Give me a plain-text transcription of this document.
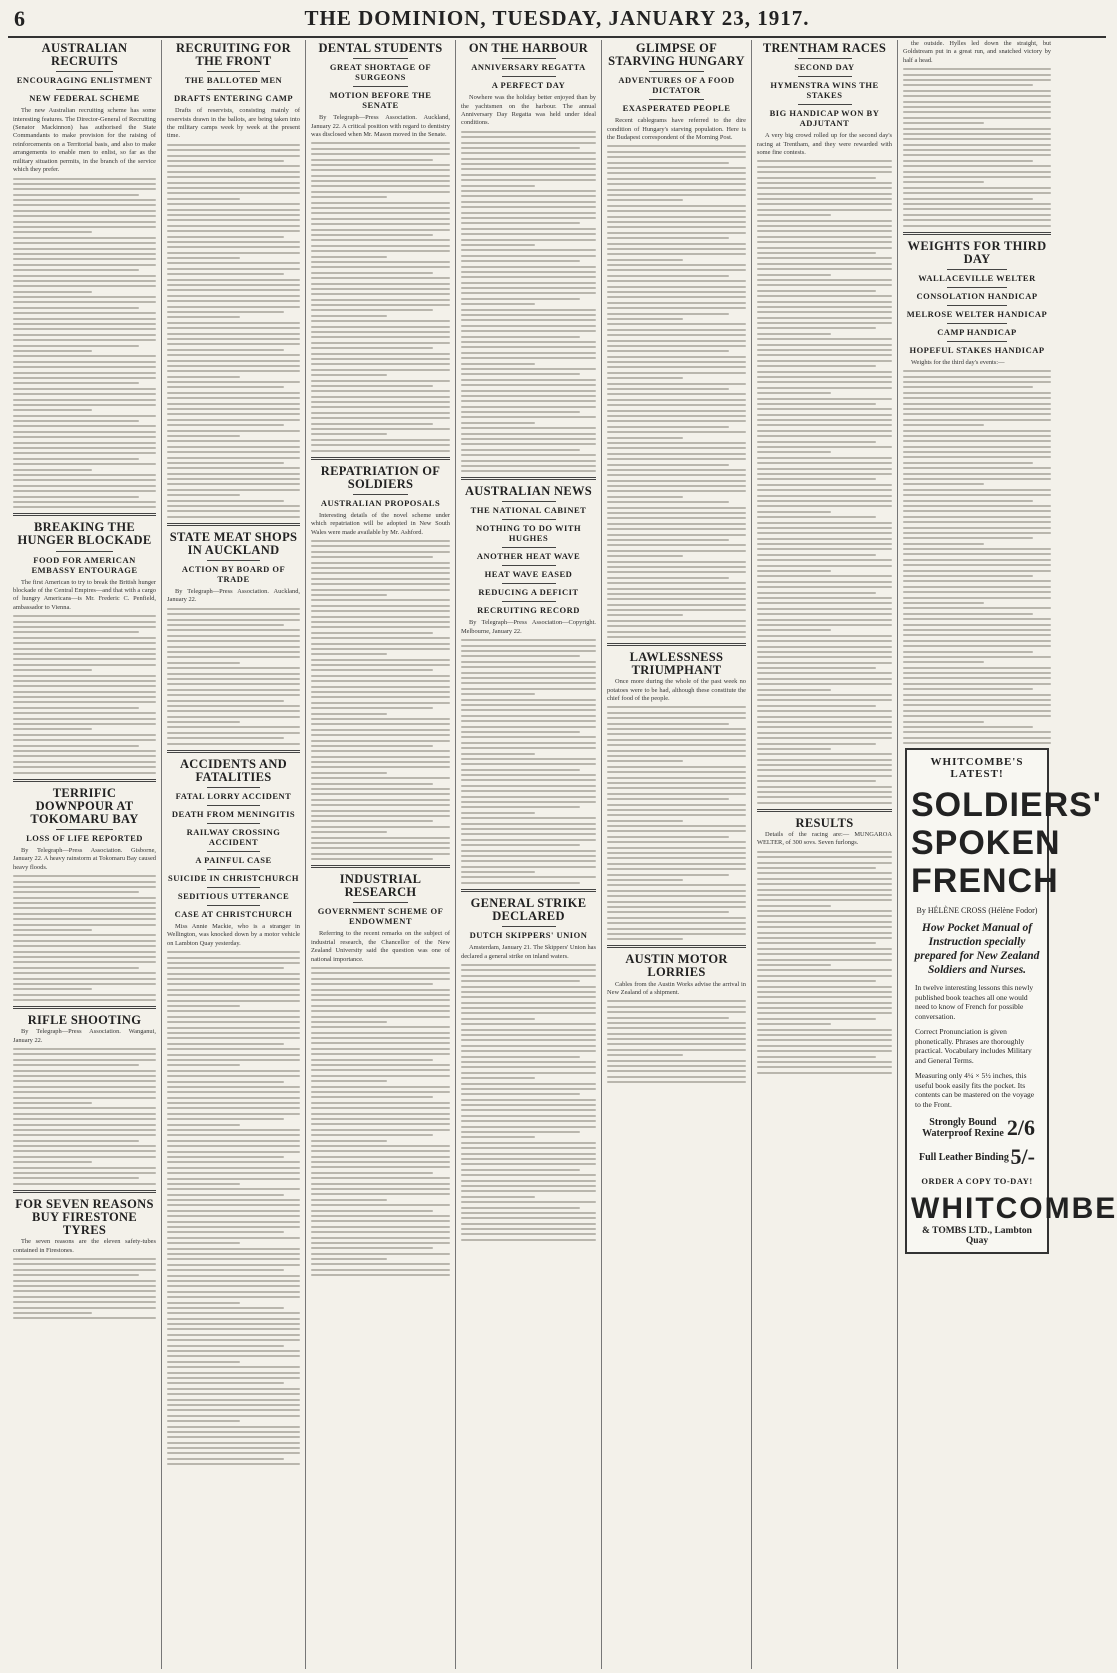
6	THE DOMINION, TUESDAY, JANUARY 23, 1917.
AUSTRALIAN RECRUITS
ENCOURAGING ENLISTMENT
NEW FEDERAL SCHEME

The new Australian recruiting scheme has some interesting features. The Director-General of Recruiting (Senator Mackinnon) has authorised the State Commandants to make provision for the raising of reinforcements on a Territorial basis, and also to make arrangements to enable men to enlist, so far as the military situation permits, in the branch of the service which they prefer.

BREAKING THE HUNGER BLOCKADE
FOOD FOR AMERICAN EMBASSY ENTOURAGE

The first American to try to break the British hunger blockade of the Central Empires—and that with a cargo of hungry Americans—is Mr. Frederic C. Penfield, ambassador to Vienna.

TERRIFIC DOWNPOUR AT TOKOMARU BAY
LOSS OF LIFE REPORTED

By Telegraph—Press Association. Gisborne, January 22. A heavy rainstorm at Tokomaru Bay caused heavy floods.

RIFLE SHOOTING

By Telegraph—Press Association. Wanganui, January 22.

FOR SEVEN REASONS BUY FIRESTONE TYRES

The seven reasons are the eleven safety-tubes contained in Firestones.

RECRUITING FOR THE FRONT
THE BALLOTED MEN
DRAFTS ENTERING CAMP

Drafts of reservists, consisting mainly of reservists drawn in the ballots, are being taken into the military camps week by week at the present time.

STATE MEAT SHOPS IN AUCKLAND
ACTION BY BOARD OF TRADE

By Telegraph—Press Association. Auckland, January 22.

ACCIDENTS AND FATALITIES
FATAL LORRY ACCIDENT
DEATH FROM MENINGITIS
RAILWAY CROSSING ACCIDENT
A PAINFUL CASE
SUICIDE IN CHRISTCHURCH
SEDITIOUS UTTERANCE
CASE AT CHRISTCHURCH

Miss Annie Mackie, who is a stranger in Wellington, was knocked down by a motor vehicle on Lambton Quay yesterday.

DENTAL STUDENTS
GREAT SHORTAGE OF SURGEONS
MOTION BEFORE THE SENATE

By Telegraph—Press Association. Auckland, January 22. A critical position with regard to dentistry was disclosed when Mr. Mason moved in the Senate.

REPATRIATION OF SOLDIERS
AUSTRALIAN PROPOSALS

Interesting details of the novel scheme under which repatriation will be adopted in New South Wales were made available by Mr. Ashford.

INDUSTRIAL RESEARCH
GOVERNMENT SCHEME OF ENDOWMENT

Referring to the recent remarks on the subject of industrial research, the Chancellor of the New Zealand University said the question was one of national importance.

ON THE HARBOUR
ANNIVERSARY REGATTA
A PERFECT DAY

Nowhere was the holiday better enjoyed than by the yachtsmen on the harbour. The annual Anniversary Day Regatta was held under ideal conditions.

AUSTRALIAN NEWS
THE NATIONAL CABINET
NOTHING TO DO WITH HUGHES
ANOTHER HEAT WAVE
HEAT WAVE EASED
REDUCING A DEFICIT
RECRUITING RECORD

By Telegraph—Press Association—Copyright. Melbourne, January 22.

GENERAL STRIKE DECLARED
DUTCH SKIPPERS' UNION

Amsterdam, January 21. The Skippers' Union has declared a general strike on inland waters.

GLIMPSE OF STARVING HUNGARY
ADVENTURES OF A FOOD DICTATOR
EXASPERATED PEOPLE

Recent cablegrams have referred to the dire condition of Hungary's starving population. Here is the Budapest correspondent of the Morning Post.

LAWLESSNESS TRIUMPHANT

Once more during the whole of the past week no potatoes were to be had, although these constitute the chief food of the people.

AUSTIN MOTOR LORRIES

Cables from the Austin Works advise the arrival in New Zealand of a shipment.

TRENTHAM RACES
SECOND DAY
HYMENSTRA WINS THE STAKES
BIG HANDICAP WON BY ADJUTANT

A very big crowd rolled up for the second day's racing at Trentham, and they were rewarded with some fine contests.

RESULTS

Details of the racing are:— MUNGAROA WELTER, of 300 sovs. Seven furlongs.

the outside. Hylles led down the straight, but Goldstream put in a great run, and snatched victory by half a head.

WEIGHTS FOR THIRD DAY
WALLACEVILLE WELTER
CONSOLATION HANDICAP
MELROSE WELTER HANDICAP
CAMP HANDICAP
HOPEFUL STAKES HANDICAP

Weights for the third day's events:—

WHITCOMBE'S LATEST!
SOLDIERS'
SPOKEN FRENCH
By HÉLÈNE CROSS (Hélène Fodor)
How Pocket Manual of Instruction specially prepared for New Zealand Soldiers and Nurses.
In twelve interesting lessons this newly published book teaches all one would need to know of French for possible conversation.
Correct Pronunciation is given phonetically. Phrases are thoroughly practical. Vocabulary includes Military and General Terms.
Measuring only 4¼ × 5½ inches, this useful book easily fits the pocket. Its contents can be mastered on the voyage to the Front.
Strongly Bound Waterproof Rexine 2/6
Full Leather Binding 5/-
ORDER A COPY TO-DAY!
WHITCOMBE
& TOMBS LTD., Lambton Quay
